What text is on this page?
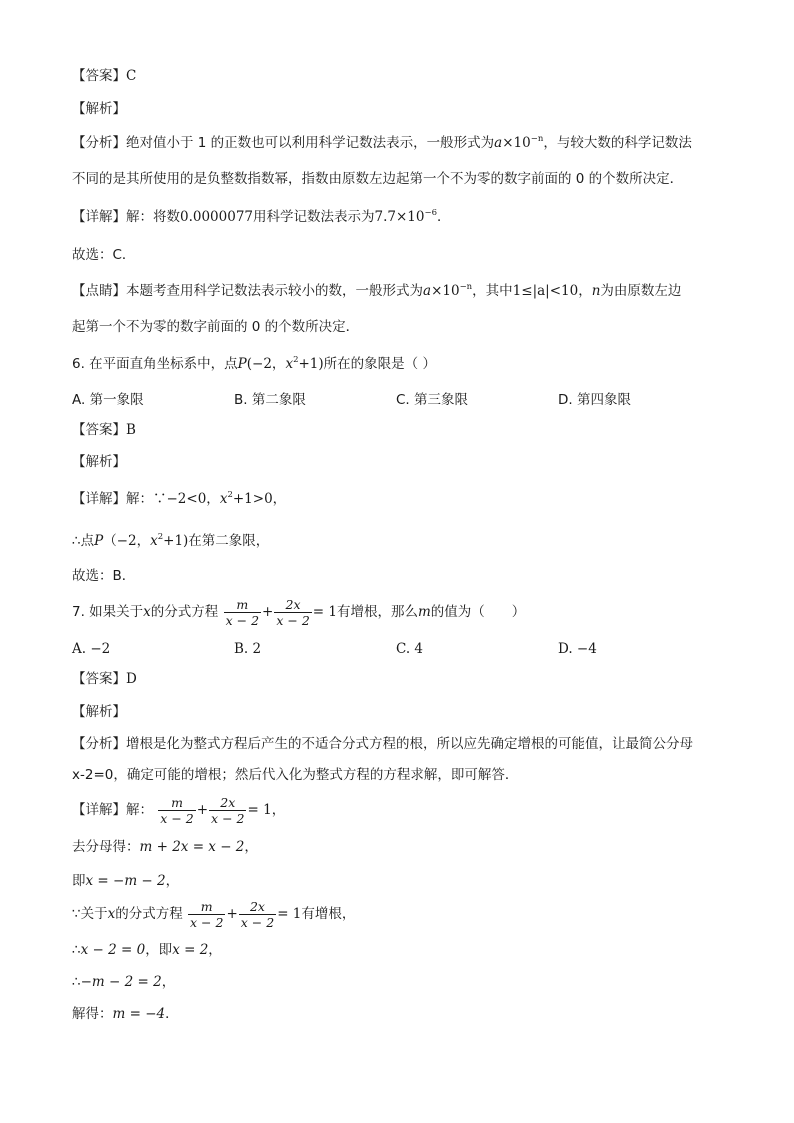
【答案】C
【解析】
【分析】绝对值小于 1 的正数也可以利用科学记数法表示，一般形式为$a\times 10^{-n}$，与较大数的科学记数法
不同的是其所使用的是负整数指数幂，指数由原数左边起第一个不为零的数字前面的 0 的个数所决定．
【详解】解：将数0.0000077用科学记数法表示为$7.7\times 10^{-6}$．
故选：C．
【点睛】本题考查用科学记数法表示较小的数，一般形式为$a\times 10^{-n}$，其中1≤|a|<10，n为由原数左边
起第一个不为零的数字前面的 0 的个数所决定．
6. 在平面直角坐标系中，点P(−2，$x^2+1$)所在的象限是（ ）
A. 第一象限	B. 第二象限	C. 第三象限	D. 第四象限
【答案】B
【解析】
【详解】解：∵−2<0，$x^2+1>0$，
∴点P（−2，$x^2+1$)在第二象限，
故选：B．
7. 如果关于x的分式方程 $\frac{m}{x - 2} + \frac{2x}{x - 2} = 1$有增根，那么m的值为（　　）
A. −2	B. 2	C. 4	D. −4
【答案】D
【解析】
【分析】增根是化为整式方程后产生的不适合分式方程的根，所以应先确定增根的可能值，让最简公分母
x-2=0，确定可能的增根；然后代入化为整式方程的方程求解，即可解答．
【详解】解： $\frac{m}{x - 2} + \frac{2x}{x - 2} = 1$，
去分母得：m + 2x = x − 2，
即x = −m − 2，
∵关于x的分式方程 $\frac{m}{x - 2} + \frac{2x}{x - 2} = 1$有增根，
∴x − 2 = 0，即x = 2，
∴−m − 2 = 2，
解得：m = −4．
